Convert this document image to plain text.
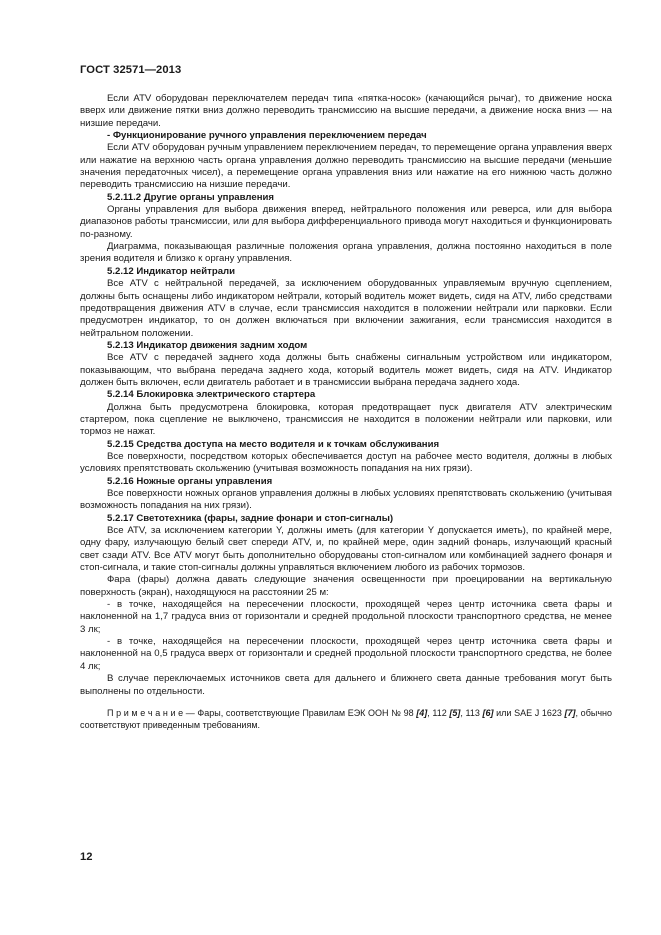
ГОСТ 32571—2013

Если ATV оборудован переключателем передач типа «пятка-носок» (качающийся рычаг), то движение носка вверх или движение пятки вниз должно переводить трансмиссию на высшие передачи, а движение носка вниз — на низшие передачи.

- Функционирование ручного управления переключением передач

Если ATV оборудован ручным управлением переключением передач, то перемещение органа управления вверх или нажатие на верхнюю часть органа управления должно переводить трансмиссию на высшие передачи (меньшие значения передаточных чисел), а перемещение органа управления вниз или нажатие на его нижнюю часть должно переводить трансмиссию на низшие передачи.

5.2.11.2 Другие органы управления

Органы управления для выбора движения вперед, нейтрального положения или реверса, или для выбора диапазонов работы трансмиссии, или для выбора дифференциального привода могут находиться и функционировать по-разному.

Диаграмма, показывающая различные положения органа управления, должна постоянно находиться в поле зрения водителя и близко к органу управления.

5.2.12 Индикатор нейтрали

Все ATV с нейтральной передачей, за исключением оборудованных управляемым вручную сцеплением, должны быть оснащены либо индикатором нейтрали, который водитель может видеть, сидя на ATV, либо средствами предотвращения движения ATV в случае, если трансмиссия находится в положении нейтрали или парковки. Если предусмотрен индикатор, то он должен включаться при включении зажигания, если трансмиссия находится в нейтральном положении.

5.2.13 Индикатор движения задним ходом

Все ATV с передачей заднего хода должны быть снабжены сигнальным устройством или индикатором, показывающим, что выбрана передача заднего хода, который водитель может видеть, сидя на ATV. Индикатор должен быть включен, если двигатель работает и в трансмиссии выбрана передача заднего хода.

5.2.14 Блокировка электрического стартера

Должна быть предусмотрена блокировка, которая предотвращает пуск двигателя ATV электрическим стартером, пока сцепление не выключено, трансмиссия не находится в положении нейтрали или парковки, или тормоз не нажат.

5.2.15 Средства доступа на место водителя и к точкам обслуживания

Все поверхности, посредством которых обеспечивается доступ на рабочее место водителя, должны в любых условиях препятствовать скольжению (учитывая возможность попадания на них грязи).

5.2.16 Ножные органы управления

Все поверхности ножных органов управления должны в любых условиях препятствовать скольжению (учитывая возможность попадания на них грязи).

5.2.17 Светотехника (фары, задние фонари и стоп-сигналы)

Все ATV, за исключением категории Y, должны иметь (для категории Y допускается иметь), по крайней мере, одну фару, излучающую белый свет спереди ATV, и, по крайней мере, один задний фонарь, излучающий красный свет сзади ATV. Все ATV могут быть дополнительно оборудованы стоп-сигналом или комбинацией заднего фонаря и стоп-сигнала, и такие стоп-сигналы должны управляться включением любого из рабочих тормозов.

Фара (фары) должна давать следующие значения освещенности при проецировании на вертикальную поверхность (экран), находящуюся на расстоянии 25 м:

- в точке, находящейся на пересечении плоскости, проходящей через центр источника света фары и наклоненной на 1,7 градуса вниз от горизонтали и средней продольной плоскости транспортного средства, не менее 3 лк;

- в точке, находящейся на пересечении плоскости, проходящей через центр источника света фары и наклоненной на 0,5 градуса вверх от горизонтали и средней продольной плоскости транспортного средства, не более 4 лк;

В случае переключаемых источников света для дальнего и ближнего света данные требования могут быть выполнены по отдельности.

П р и м е ч а н и е — Фары, соответствующие Правилам ЕЭК ООН № 98 [4], 112 [5], 113 [6] или SAE J 1623 [7], обычно соответствуют приведенным требованиям.

12
